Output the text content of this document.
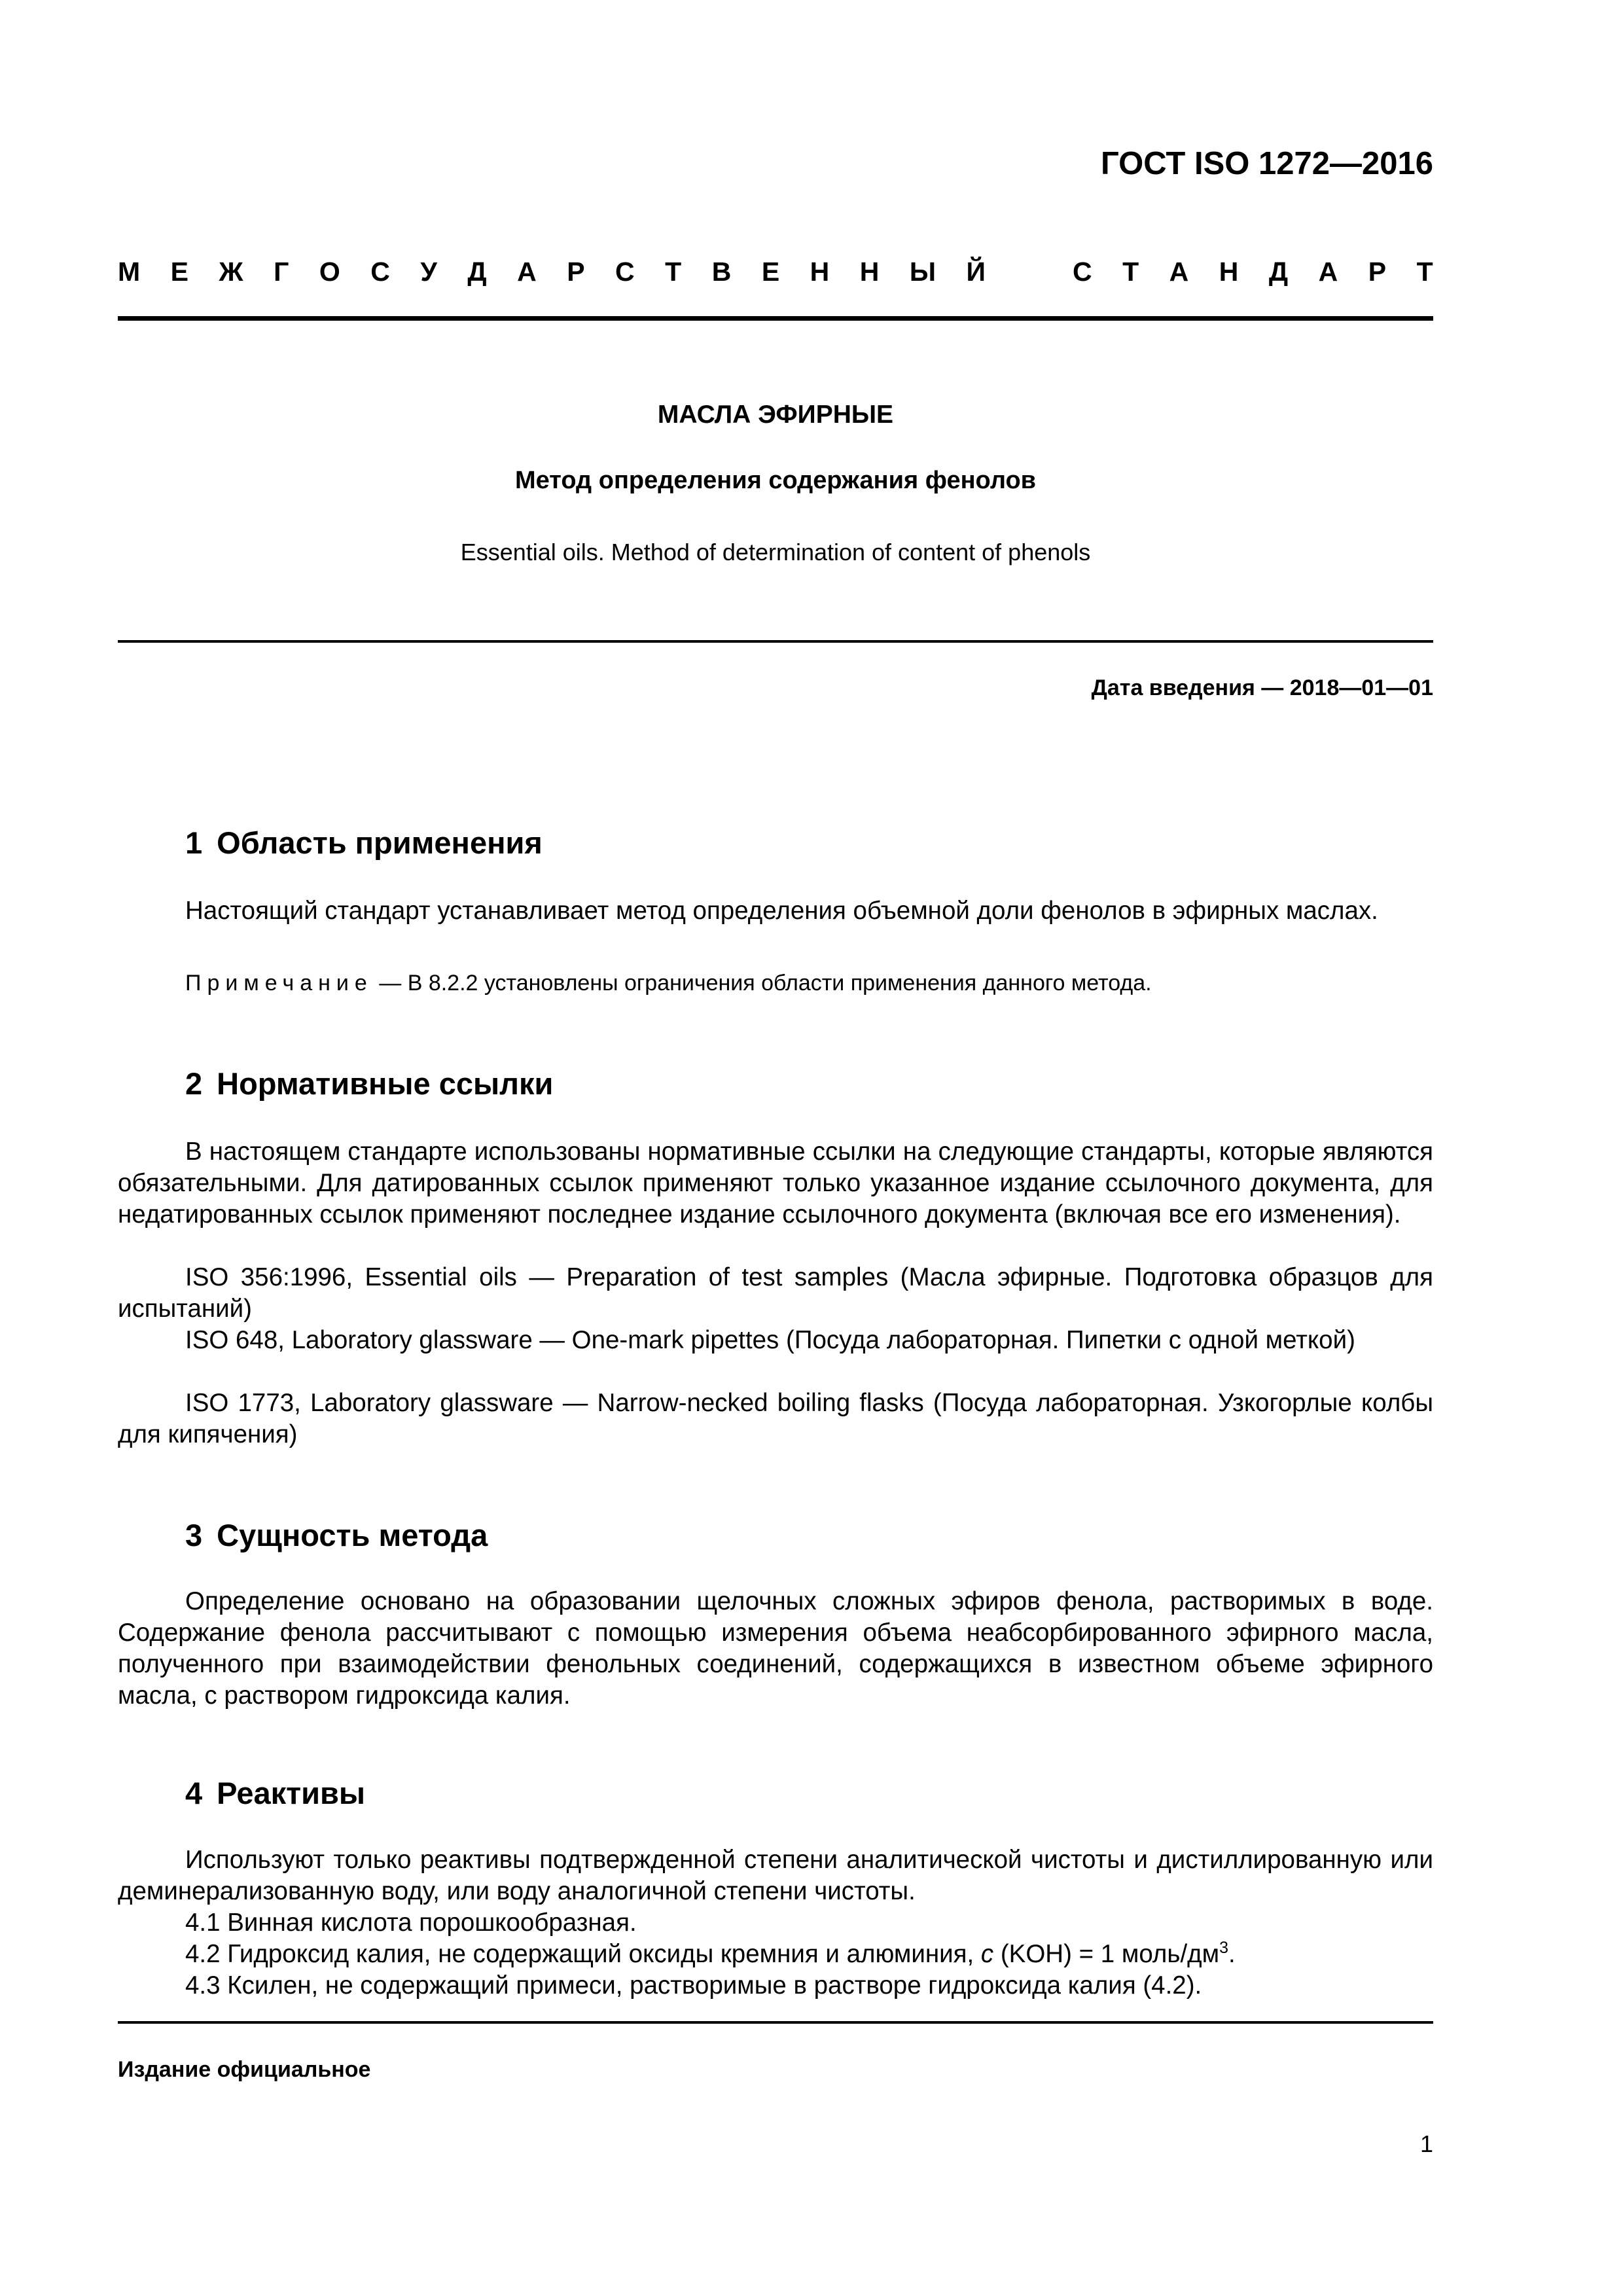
ГОСТ ISO 1272—2016
М Е Ж Г О С У Д А Р С Т В Е Н Н Ы Й	С Т А Н Д А Р Т
МАСЛА ЭФИРНЫЕ
Метод определения содержания фенолов
Essential oils. Method of determination of content of phenols
Дата введения — 2018—01—01
1 Область применения

Настоящий стандарт устанавливает метод определения объемной доли фенолов в эфирных маслах.

Примечание — В 8.2.2 установлены ограничения области применения данного метода.
2 Нормативные ссылки

В настоящем стандарте использованы нормативные ссылки на следующие стандарты, которые являются обязательными. Для датированных ссылок применяют только указанное издание ссылочного документа, для недатированных ссылок применяют последнее издание ссылочного документа (включая все его изменения).

ISO 356:1996, Essential oils — Preparation of test samples (Масла эфирные. Подготовка образцов для испытаний)

ISO 648, Laboratory glassware — One-mark pipettes (Посуда лабораторная. Пипетки с одной меткой)

ISO 1773, Laboratory glassware — Narrow-necked boiling flasks (Посуда лабораторная. Узкогорлые колбы для кипячения)

3 Сущность метода

Определение основано на образовании щелочных сложных эфиров фенола, растворимых в воде. Содержание фенола рассчитывают с помощью измерения объема неабсорбированного эфирного масла, полученного при взаимодействии фенольных соединений, содержащихся в известном объеме эфирного масла, с раствором гидроксида калия.

4 Реактивы

Используют только реактивы подтвержденной степени аналитической чистоты и дистиллированную или деминерализованную воду, или воду аналогичной степени чистоты.

4.1 Винная кислота порошкообразная.

4.2 Гидроксид калия, не содержащий оксиды кремния и алюминия, c (KOH) = 1 моль/$дм^3$.

4.3 Ксилен, не содержащий примеси, растворимые в растворе гидроксида калия (4.2).

Издание официальное
1
